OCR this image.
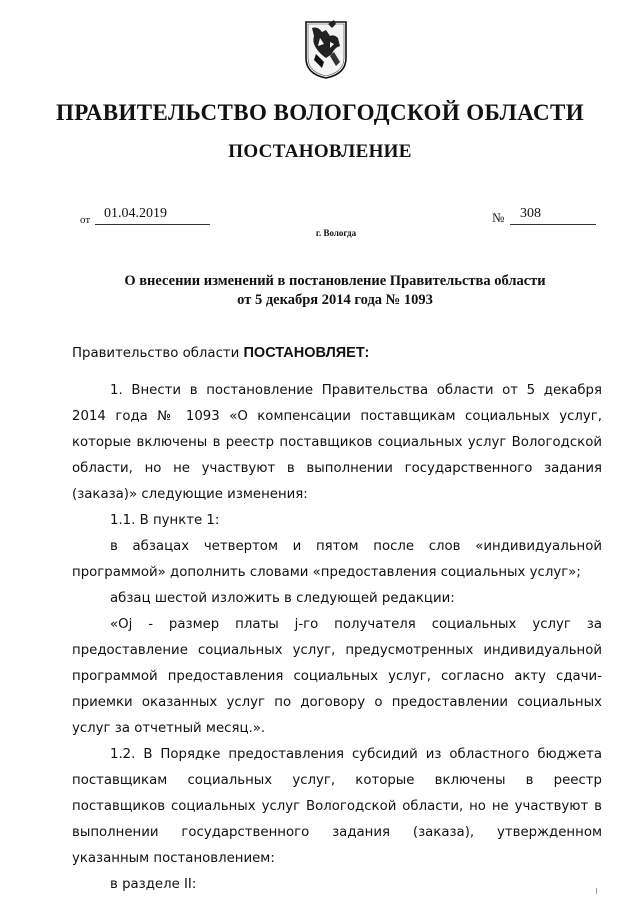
ПРАВИТЕЛЬСТВО ВОЛОГОДСКОЙ ОБЛАСТИ
ПОСТАНОВЛЕНИЕ
от 01.04.2019	№ 308
г. Вологда
О внесении изменений в постановление Правительства области
от 5 декабря 2014 года № 1093
Правительство области ПОСТАНОВЛЯЕТ:

1. Внести в постановление Правительства области от 5 декабря 2014 года № 1093 «О компенсации поставщикам социальных услуг, которые включены в реестр поставщиков социальных услуг Вологодской области, но не участвуют в выполнении государственного задания (заказа)» следующие изменения:

1.1. В пункте 1:

в абзацах четвертом и пятом после слов «индивидуальной программой» дополнить словами «предоставления социальных услуг»;

абзац шестой изложить в следующей редакции:

«Оj - размер платы j-го получателя социальных услуг за предоставление социальных услуг, предусмотренных индивидуальной программой предоставления социальных услуг, согласно акту сдачи-приемки оказанных услуг по договору о предоставлении социальных услуг за отчетный месяц.».

1.2. В Порядке предоставления субсидий из областного бюджета поставщикам социальных услуг, которые включены в реестр поставщиков социальных услуг Вологодской области, но не участвуют в выполнении государственного задания (заказа), утвержденном указанным постановлением:

в разделе II:
